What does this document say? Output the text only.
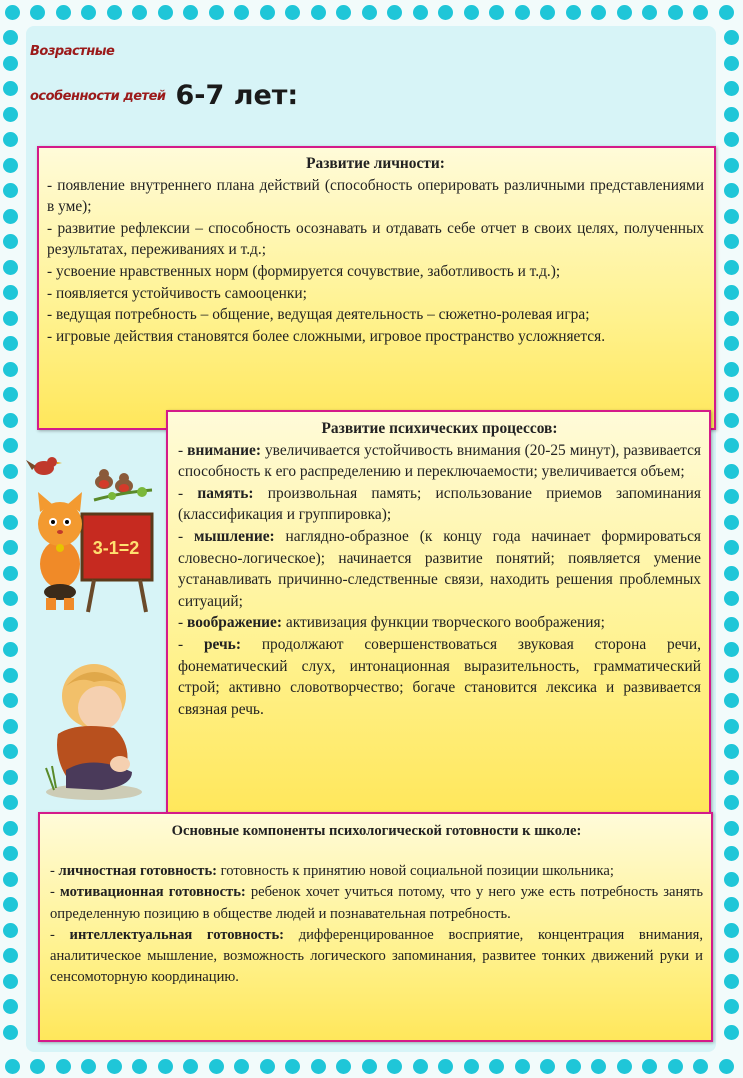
Возрастные
особенности детей 6-7 лет:
Развитие личности:
- появление внутреннего плана действий (способность оперировать различными представлениями в уме);
- развитие рефлексии – способность осознавать и отдавать себе отчет в своих целях, полученных результатах, переживаниях и т.д.;
- усвоение нравственных норм (формируется сочувствие, заботливость и т.д.);
- появляется устойчивость самооценки;
- ведущая потребность – общение, ведущая деятельность – сюжетно-ролевая игра;
- игровые действия становятся более сложными, игровое пространство усложняется.
Развитие психических процессов:
- внимание: увеличивается устойчивость внимания (20-25 минут), развивается способность к его распределению и переключаемости; увеличивается объем;
- память: произвольная память; использование приемов запоминания (классификация и группировка);
- мышление: наглядно-образное (к концу года начинает формироваться словесно-логическое); начинается развитие понятий; появляется умение устанавливать причинно-следственные связи, находить решения проблемных ситуаций;
- воображение: активизация функции творческого воображения;
- речь: продолжают совершенствоваться звуковая сторона речи, фонематический слух, интонационная выразительность, грамматический строй; активно словотворчество; богаче становится лексика и развивается связная речь.
Основные компоненты психологической готовности к школе:
- личностная готовность: готовность к принятию новой социальной позиции школьника;
- мотивационная готовность: ребенок хочет учиться потому, что у него уже есть потребность занять определенную позицию в обществе людей и познавательная потребность.
- интеллектуальная готовность: дифференцированное восприятие, концентрация внимания, аналитическое мышление, возможность логического запоминания, развитее тонких движений руки и сенсомоторную координацию.
3-1=2
